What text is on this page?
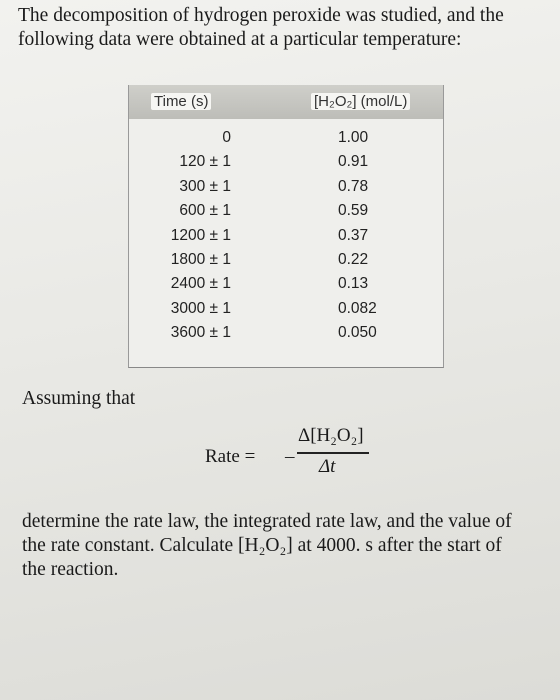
The decomposition of hydrogen peroxide was studied, and the
following data were obtained at a particular temperature:
Time (s)	[H₂O₂] (mol/L)
0	1.00
120 ± 1	0.91
300 ± 1	0.78
600 ± 1	0.59
1200 ± 1	0.37
1800 ± 1	0.22
2400 ± 1	0.13
3000 ± 1	0.082
3600 ± 1	0.050
Assuming that
Rate = –
Δ[H₂O₂]
Δt
determine the rate law, the integrated rate law, and the value of
the rate constant. Calculate [H₂O₂] at 4000. s after the start of
the reaction.
